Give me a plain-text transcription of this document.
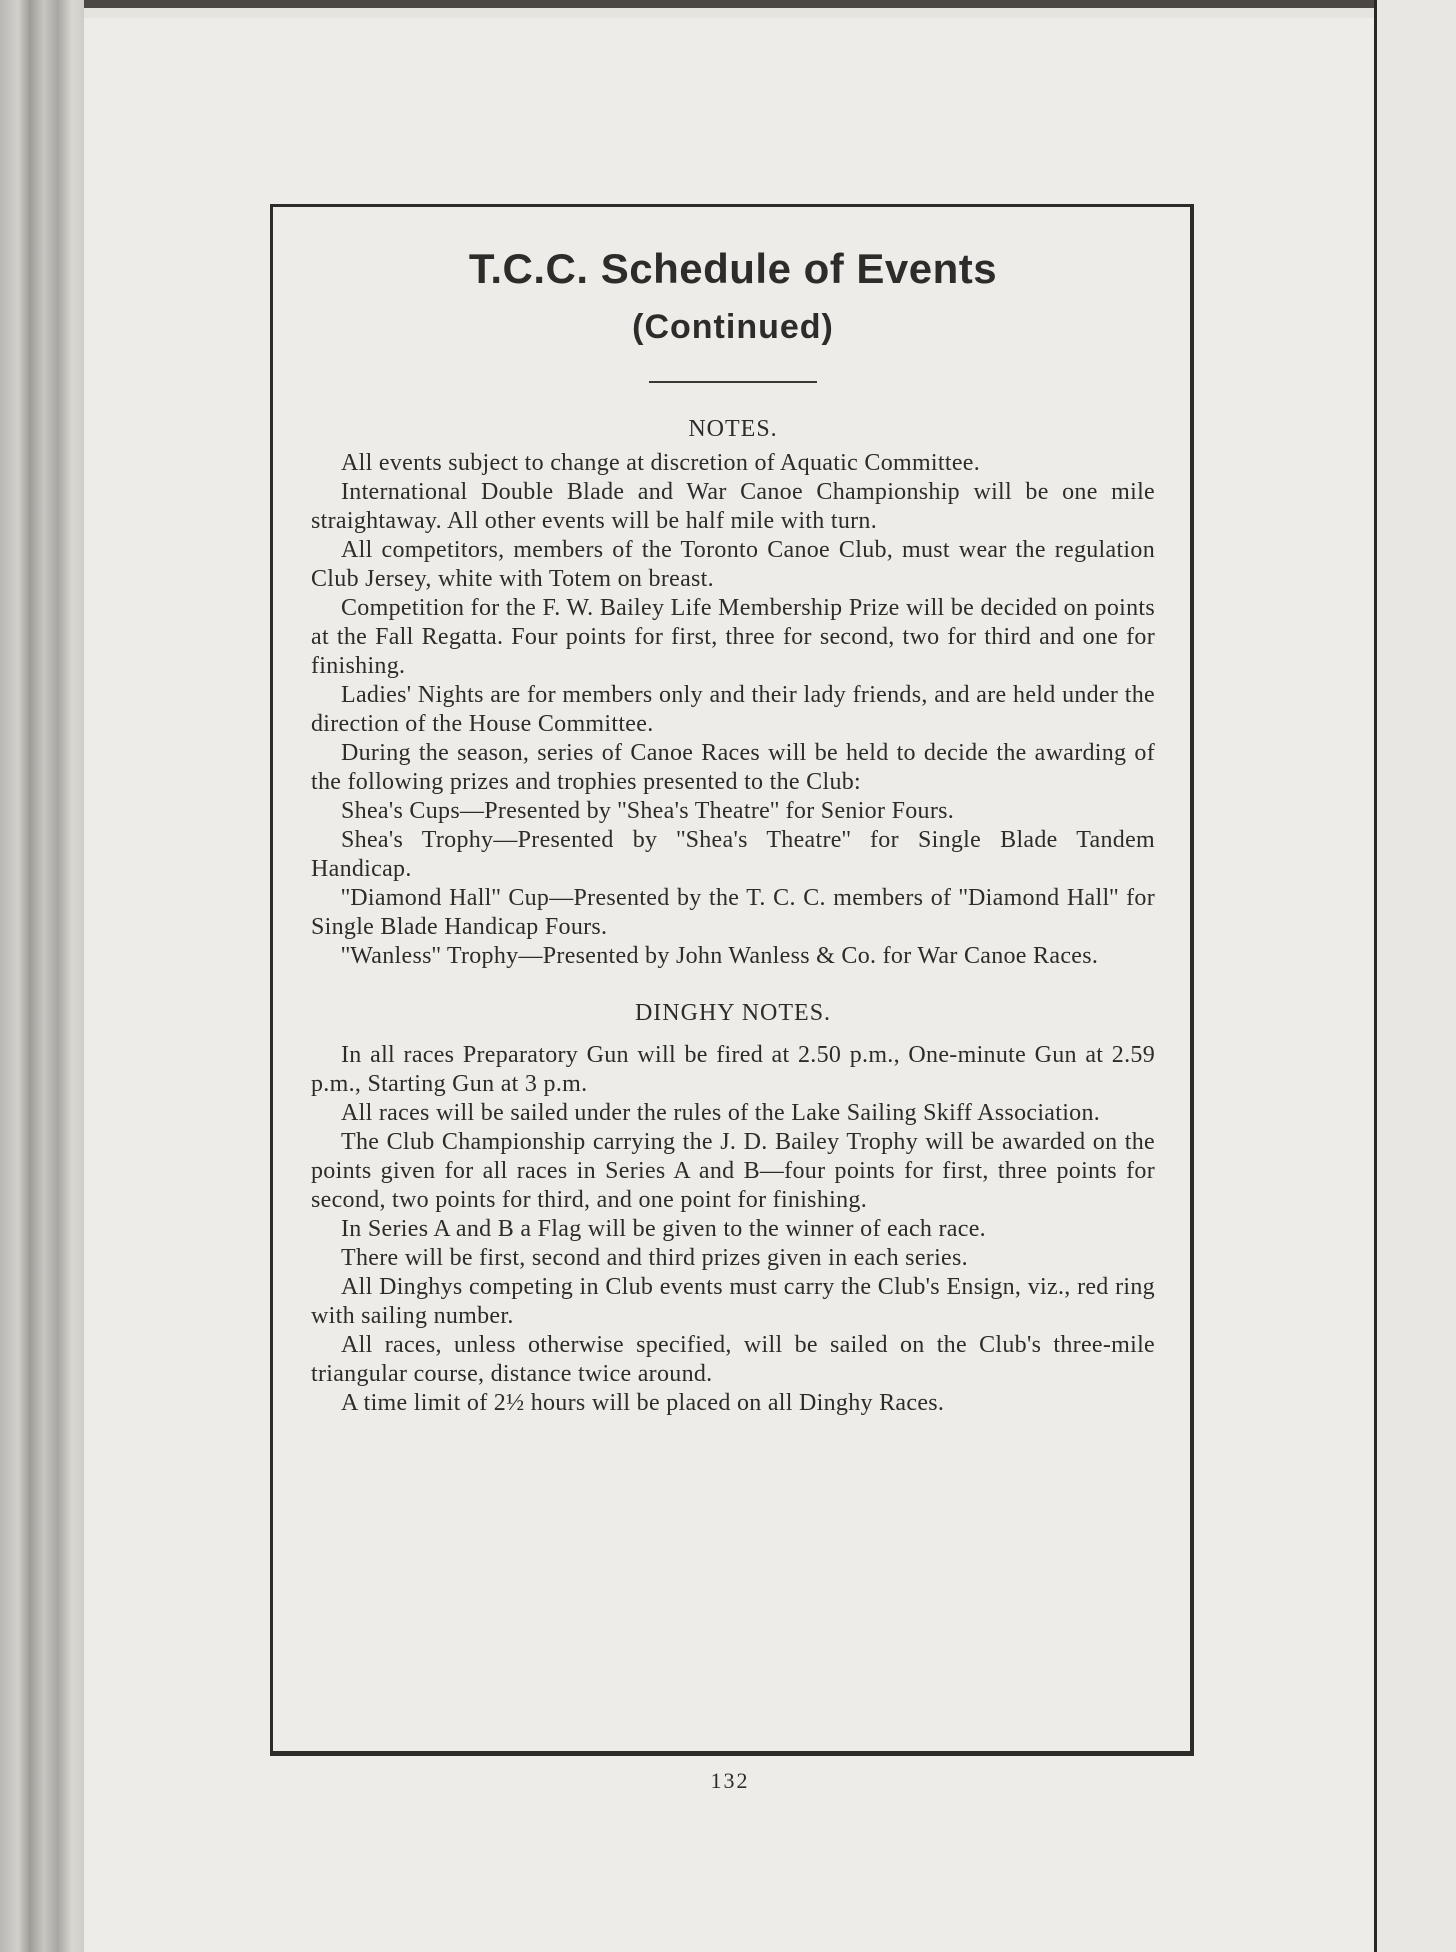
T.C.C. Schedule of Events
(Continued)
NOTES.

All events subject to change at discretion of Aquatic Committee.

International Double Blade and War Canoe Championship will be one mile straightaway. All other events will be half mile with turn.

All competitors, members of the Toronto Canoe Club, must wear the regulation Club Jersey, white with Totem on breast.

Competition for the F. W. Bailey Life Membership Prize will be decided on points at the Fall Regatta. Four points for first, three for second, two for third and one for finishing.

Ladies' Nights are for members only and their lady friends, and are held under the direction of the House Committee.

During the season, series of Canoe Races will be held to decide the awarding of the following prizes and trophies presented to the Club:

Shea's Cups—Presented by ''Shea's Theatre'' for Senior Fours.

Shea's Trophy—Presented by ''Shea's Theatre'' for Single Blade Tandem Handicap.

''Diamond Hall'' Cup—Presented by the T. C. C. members of ''Diamond Hall'' for Single Blade Handicap Fours.

''Wanless'' Trophy—Presented by John Wanless & Co. for War Canoe Races.

DINGHY NOTES.

In all races Preparatory Gun will be fired at 2.50 p.m., One-minute Gun at 2.59 p.m., Starting Gun at 3 p.m.

All races will be sailed under the rules of the Lake Sailing Skiff Association.

The Club Championship carrying the J. D. Bailey Trophy will be awarded on the points given for all races in Series A and B—four points for first, three points for second, two points for third, and one point for finishing.

In Series A and B a Flag will be given to the winner of each race.

There will be first, second and third prizes given in each series.

All Dinghys competing in Club events must carry the Club's Ensign, viz., red ring with sailing number.

All races, unless otherwise specified, will be sailed on the Club's three-mile triangular course, distance twice around.

A time limit of 2½ hours will be placed on all Dinghy Races.

132
